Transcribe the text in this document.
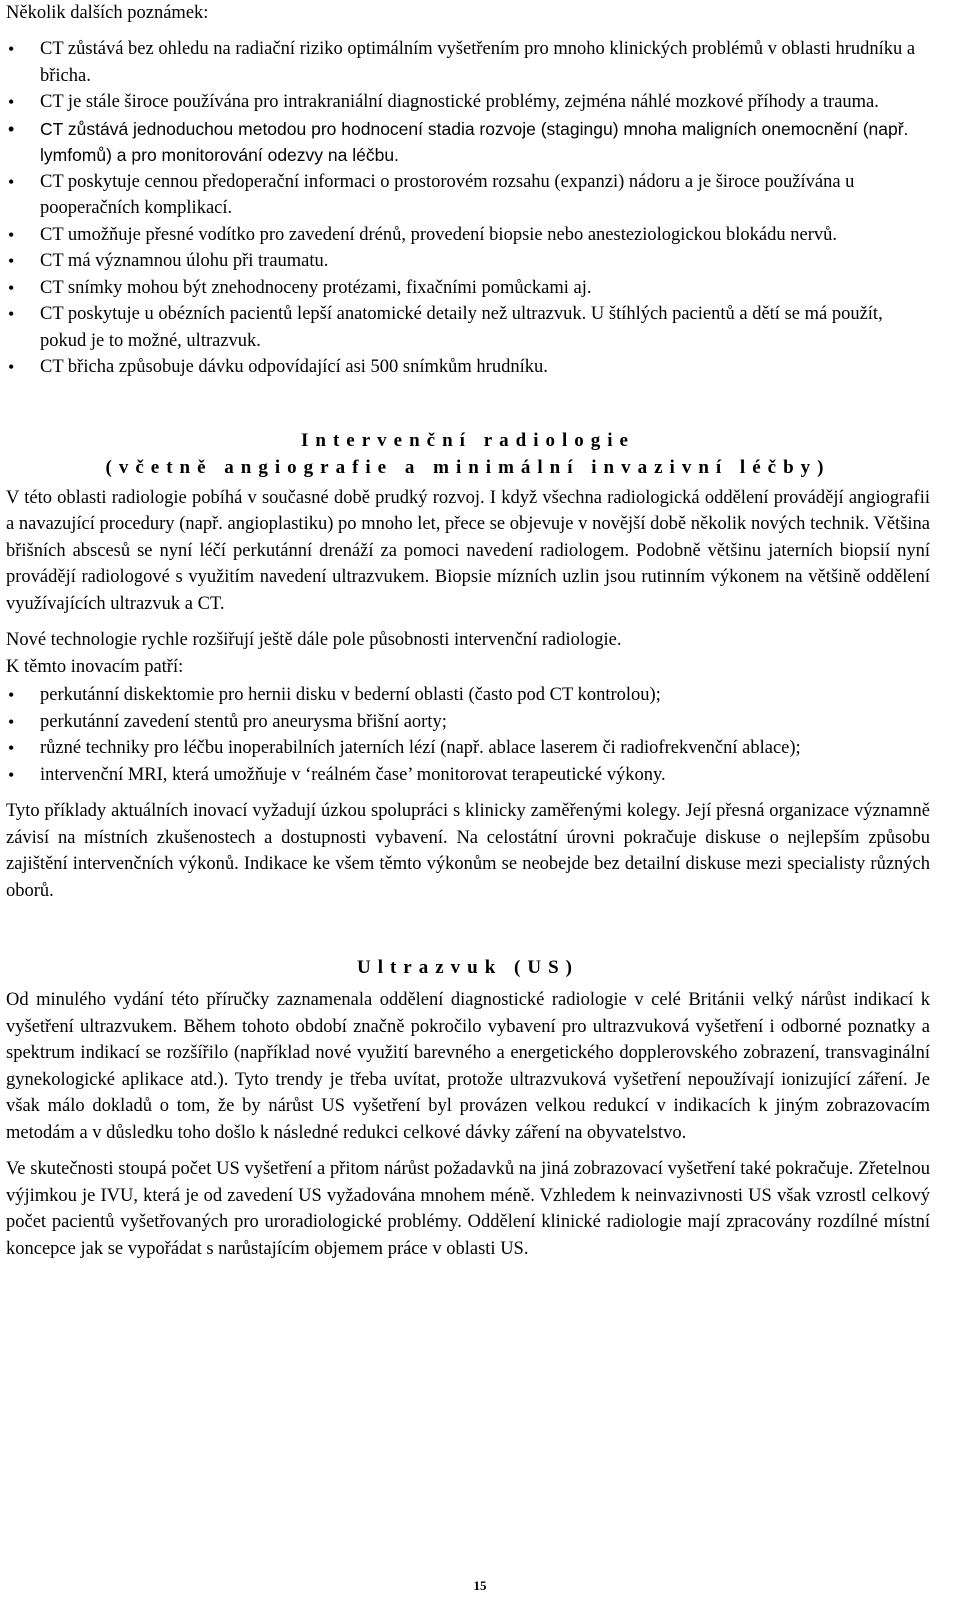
Několik dalších poznámek:

• CT zůstává bez ohledu na radiační riziko optimálním vyšetřením pro mnoho klinických problémů v oblasti hrudníku a břicha.
• CT je stále široce používána pro intrakraniální diagnostické problémy, zejména náhlé mozkové příhody a trauma.
• CT zůstává jednoduchou metodou pro hodnocení stadia rozvoje (stagingu) mnoha maligních onemocnění (např. lymfomů) a pro monitorování odezvy na léčbu.
• CT poskytuje cennou předoperační informaci o prostorovém rozsahu (expanzi) nádoru a je široce používána u pooperačních komplikací.
• CT umožňuje přesné vodítko pro zavedení drénů, provedení biopsie nebo anesteziologickou blokádu nervů.
• CT má významnou úlohu při traumatu.
• CT snímky mohou být znehodnoceny protézami, fixačními pomůckami aj.
• CT poskytuje u obézních pacientů lepší anatomické detaily než ultrazvuk. U štíhlých pacientů a dětí se má použít, pokud je to možné, ultrazvuk.
• CT břicha způsobuje dávku odpovídající asi 500 snímkům hrudníku.

Intervenční radiologie

(včetně angiografie a minimální invazivní léčby)

V této oblasti radiologie pobíhá v současné době prudký rozvoj. I když všechna radiologická oddělení provádějí angiografii a navazující procedury (např. angioplastiku) po mnoho let, přece se objevuje v novější době několik nových technik. Většina břišních abscesů se nyní léčí perkutánní drenáží za pomoci navedení radiologem. Podobně většinu jaterních biopsií nyní provádějí radiologové s využitím navedení ultrazvukem. Biopsie mízních uzlin jsou rutinním výkonem na většině oddělení využívajících ultrazvuk a CT.

Nové technologie rychle rozšiřují ještě dále pole působnosti intervenční radiologie.

K těmto inovacím patří:

• perkutánní diskektomie pro hernii disku v bederní oblasti (často pod CT kontrolou);
• perkutánní zavedení stentů pro aneurysma břišní aorty;
• různé techniky pro léčbu inoperabilních jaterních lézí (např. ablace laserem či radiofrekvenční ablace);
• intervenční MRI, která umožňuje v ‘reálném čase’ monitorovat terapeutické výkony.

Tyto příklady aktuálních inovací vyžadují úzkou spolupráci s klinicky zaměřenými kolegy. Její přesná organizace významně závisí na místních zkušenostech a dostupnosti vybavení. Na celostátní úrovni pokračuje diskuse o nejlepším způsobu zajištění intervenčních výkonů. Indikace ke všem těmto výkonům se neobejde bez detailní diskuse mezi specialisty různých oborů.

Ultrazvuk (US)

Od minulého vydání této příručky zaznamenala oddělení diagnostické radiologie v celé Británii velký nárůst indikací k vyšetření ultrazvukem. Během tohoto období značně pokročilo vybavení pro ultrazvuková vyšetření i odborné poznatky a spektrum indikací se rozšířilo (například nové využití barevného a energetického dopplerovského zobrazení, transvaginální gynekologické aplikace atd.). Tyto trendy je třeba uvítat, protože ultrazvuková vyšetření nepoužívají ionizující záření. Je však málo dokladů o tom, že by nárůst US vyšetření byl provázen velkou redukcí v indikacích k jiným zobrazovacím metodám a v důsledku toho došlo k následné redukci celkové dávky záření na obyvatelstvo.

Ve skutečnosti stoupá počet US vyšetření a přitom nárůst požadavků na jiná zobrazovací vyšetření také pokračuje. Zřetelnou výjimkou je IVU, která je od zavedení US vyžadována mnohem méně. Vzhledem k neinvazivnosti US však vzrostl celkový počet pacientů vyšetřovaných pro uroradiologické problémy. Oddělení klinické radiologie mají zpracovány rozdílné místní koncepce jak se vypořádat s narůstajícím objemem práce v oblasti US.

15
